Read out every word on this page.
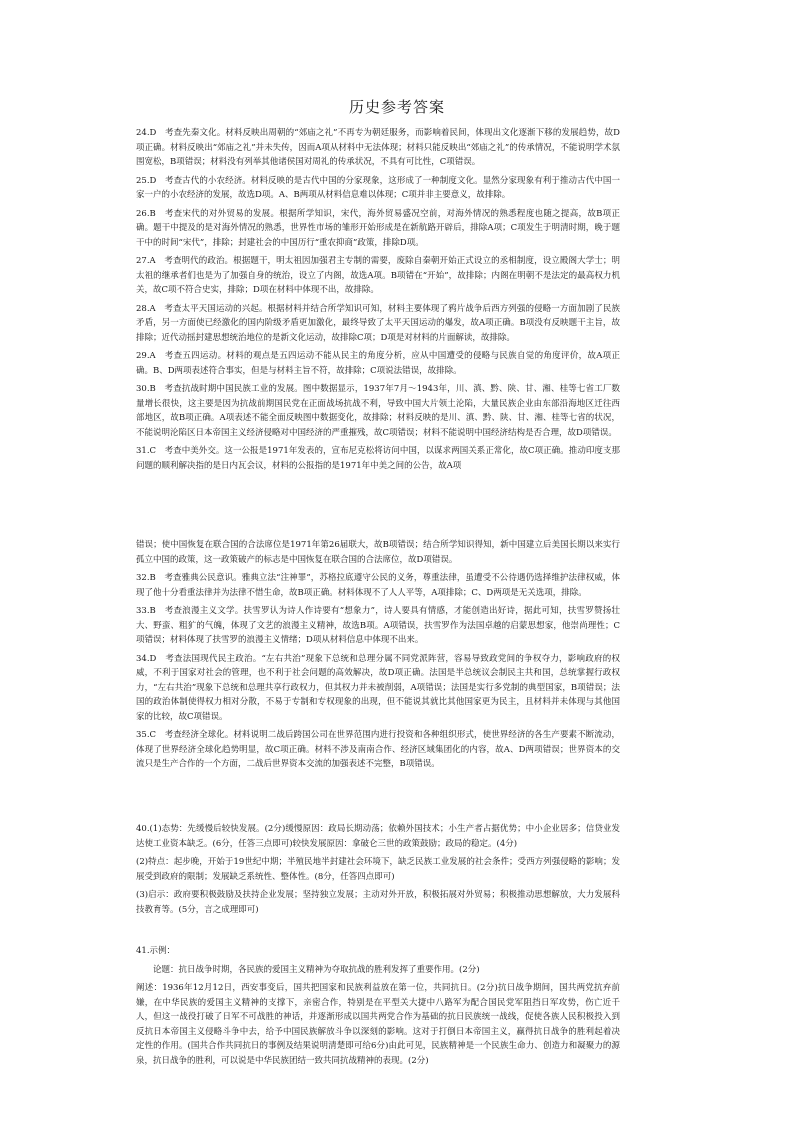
历史参考答案

24.D　考查先秦文化。材料反映出周朝的“郊庙之礼”不再专为朝廷服务，而影响着民间，体现出文化逐渐下移的发展趋势，故D项正确。材料反映出“郊庙之礼”并未失传，因而A项从材料中无法体现；材料只能反映出“郊庙之礼”的传承情况，不能说明学术氛围宽松，B项错误；材料没有列举其他诸侯国对周礼的传承状况，不具有可比性，C项错误。

25.D　考查古代的小农经济。材料反映的是古代中国的分家现象，这形成了一种制度文化。显然分家现象有利于推动古代中国一家一户的小农经济的发展，故选D项。A、B两项从材料信息难以体现；C项并非主要意义，故排除。

26.B　考查宋代的对外贸易的发展。根据所学知识，宋代，海外贸易盛况空前，对海外情况的熟悉程度也随之提高，故B项正确。题干中提及的是对海外情况的熟悉，世界性市场的雏形开始形成是在新航路开辟后，排除A项；C项发生于明清时期，晚于题干中的时间“宋代”，排除；封建社会的中国历行“重农抑商”政策，排除D项。

27.A　考查明代的政治。根据题干，明太祖因加强君主专制的需要，废除自秦朝开始正式设立的丞相制度，设立殿阁大学士；明太祖的继承者们也是为了加强自身的统治，设立了内阁，故选A项。B项错在“开始”，故排除；内阁在明朝不是法定的最高权力机关，故C项不符合史实，排除；D项在材料中体现不出，故排除。

28.A　考查太平天国运动的兴起。根据材料并结合所学知识可知，材料主要体现了鸦片战争后西方列强的侵略一方面加剧了民族矛盾，另一方面使已经激化的国内阶级矛盾更加激化，最终导致了太平天国运动的爆发，故A项正确。B项没有反映题干主旨，故排除；近代动摇封建思想统治地位的是新文化运动，故排除C项；D项是对材料的片面解读，故排除。

29.A　考查五四运动。材料的观点是五四运动不能从民主的角度分析，应从中国遭受的侵略与民族自觉的角度评价，故A项正确。B、D两项表述符合事实，但是与材料主旨不符，故排除；C项说法错误，故排除。

30.B　考查抗战时期中国民族工业的发展。图中数据显示，1937年7月～1943年，川、滇、黔、陕、甘、湘、桂等七省工厂数量增长很快，这主要是因为抗战前期国民党在正面战场抗战不利，导致中国大片领土沦陷，大量民族企业由东部沿海地区迁往西部地区，故B项正确。A项表述不能全面反映图中数据变化，故排除；材料反映的是川、滇、黔、陕、甘、湘、桂等七省的状况，不能说明沦陷区日本帝国主义经济侵略对中国经济的严重摧残，故C项错误；材料不能说明中国经济结构是否合理，故D项错误。

31.C　考查中美外交。这一公报是1971年发表的，宣布尼克松将访问中国，以谋求两国关系正常化，故C项正确。推动印度支那问题的顺利解决指的是日内瓦会议，材料的公报指的是1971年中美之间的公告，故A项

错误；使中国恢复在联合国的合法席位是1971年第26届联大，故B项错误；结合所学知识得知，新中国建立后美国长期以来实行孤立中国的政策，这一政策破产的标志是中国恢复在联合国的合法席位，故D项错误。

32.B　考查雅典公民意识。雅典立法“注神罪”，苏格拉底遵守公民的义务，尊重法律，虽遭受不公待遇仍选择维护法律权威，体现了他十分看重法律并为法律不惜生命，故B项正确。材料体现不了人人平等，A项排除；C、D两项是无关选项，排除。

33.B　考查浪漫主义文学。扶雪罗认为诗人作诗要有“想象力”，诗人要具有情感，才能创造出好诗，据此可知，扶雪罗赞扬壮大、野蛮、粗犷的气魄，体现了文艺的浪漫主义精神，故选B项。A项错误，扶雪罗作为法国卓越的启蒙思想家，他崇尚理性；C项错误；材料体现了扶雪罗的浪漫主义情绪；D项从材料信息中体现不出来。

34.D　考查法国现代民主政治。“左右共治”现象下总统和总理分属不同党派阵营，容易导致政党间的争权夺力，影响政府的权威，不利于国家对社会的管理，也不利于社会问题的高效解决，故D项正确。法国是半总统议会制民主共和国，总统掌握行政权力，“左右共治”现象下总统和总理共享行政权力，但其权力并未被削弱，A项错误；法国是实行多党制的典型国家，B项错误；法国的政治体制使得权力相对分散，不易于专制和专权现象的出现，但不能说其就比其他国家更为民主，且材料并未体现与其他国家的比较，故C项错误。

35.C　考查经济全球化。材料说明二战后跨国公司在世界范围内进行投资和各种组织形式，使世界经济的各生产要素不断流动，体现了世界经济全球化趋势明显，故C项正确。材料不涉及南南合作、经济区域集团化的内容，故A、D两项错误；世界资本的交流只是生产合作的一个方面，二战后世界资本交流的加强表述不完整，B项错误。

40.(1)态势：先缓慢后较快发展。(2分)缓慢原因：政局长期动荡；依赖外国技术；小生产者占据优势；中小企业居多；信贷业发达使工业资本缺乏。(6分，任答三点即可)较快发展原因：拿破仑三世的政策鼓励；政局的稳定。(4分)

(2)特点：起步晚，开始于19世纪中期；半殖民地半封建社会环境下，缺乏民族工业发展的社会条件；受西方列强侵略的影响；发展受到政府的限制；发展缺乏系统性、整体性。(8分，任答四点即可)

(3)启示：政府要积极鼓励及扶持企业发展；坚持独立发展；主动对外开放，积极拓展对外贸易；积极推动思想解放，大力发展科技教育等。(5分，言之成理即可)

41.示例：

论题：抗日战争时期，各民族的爱国主义精神为夺取抗战的胜利发挥了重要作用。(2分)

阐述：1936年12月12日，西安事变后，国共把国家和民族利益放在第一位，共同抗日。(2分)抗日战争期间，国共两党抗弃前嫌，在中华民族的爱国主义精神的支撑下，亲密合作，特别是在平型关大捷中八路军为配合国民党军阻挡日军攻势，伤亡近千人，但这一战役打破了日军不可战胜的神话，并逐渐形成以国共两党合作为基础的抗日民族统一战线，促使各族人民积极投入到反抗日本帝国主义侵略斗争中去，给予中国民族解放斗争以深刻的影响。这对于打倒日本帝国主义，赢得抗日战争的胜利起着决定性的作用。(国共合作共同抗日的事例及结果说明清楚即可给6分)由此可见，民族精神是一个民族生命力、创造力和凝聚力的源泉，抗日战争的胜利，可以说是中华民族团结一致共同抗战精神的表现。(2分)
